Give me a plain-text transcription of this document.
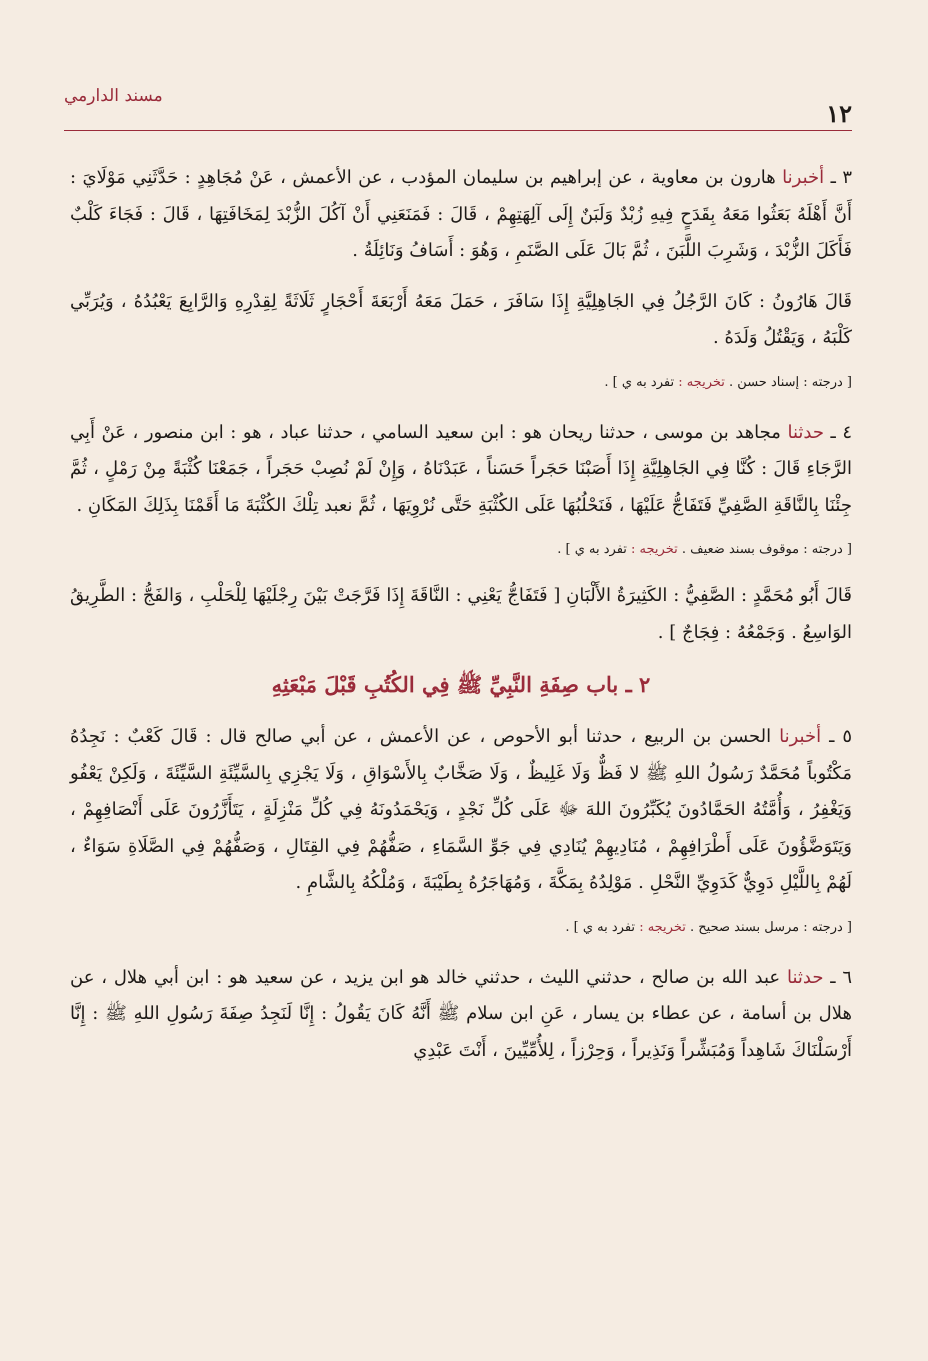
١٢
مسند الدارمي

٣ ـ أخبرنا هارون بن معاوية ، عن إبراهيم بن سليمان المؤدب ، عن الأعمش ، عَنْ مُجَاهِدٍ : حَدَّثَنِي مَوْلَايَ : أَنَّ أَهْلَهُ بَعَثُوا مَعَهُ بِقَدَحٍ فِيهِ زُبْدٌ وَلَبَنٌ إِلَى آلِهَتِهِمْ ، قَالَ : فَمَنَعَنِي أَنْ آكُلَ الزُّبْدَ لِمَخَافَتِهَا ، قَالَ : فَجَاءَ كَلْبٌ فَأَكَلَ الزُّبْدَ ، وَشَرِبَ اللَّبَنَ ، ثُمَّ بَالَ عَلَى الصَّنَمِ ، وَهُوَ : أَسَافُ وَنَائِلَةُ .

قَالَ هَارُونُ : كَانَ الرَّجُلُ فِي الجَاهِلِيَّةِ إِذَا سَافَرَ ، حَمَلَ مَعَهُ أَرْبَعَةَ أَحْجَارٍ ثَلَاثَةً لِقِدْرِهِ وَالرَّابِعَ يَعْبُدُهُ ، وَيُرَبِّي كَلْبَهُ ، وَيَقْتُلُ وَلَدَهُ .

[ درجته : إسناد حسن . تخريجه : تفرد به ي ] .

٤ ـ حدثنا مجاهد بن موسى ، حدثنا ريحان هو : ابن سعيد السامي ، حدثنا عباد ، هو : ابن منصور ، عَنْ أَبِي الرَّجَاءِ قَالَ : كُنَّا فِي الجَاهِلِيَّةِ إِذَا أَصَبْنَا حَجَراً حَسَناً ، عَبَدْنَاهُ ، وَإِنْ لَمْ نُصِبْ حَجَراً ، جَمَعْنَا كُثْبَةً مِنْ رَمْلٍ ، ثُمَّ جِئْنَا بِالنَّاقَةِ الصَّفِيِّ فَتَفَاجُّ عَلَيْهَا ، فَنَحْلُبُهَا عَلَى الكُثْبَةِ حَتَّى نُرْوِيَهَا ، ثُمَّ نعبد تِلْكَ الكُثْبَةَ مَا أَقَمْنَا بِذَلِكَ المَكَانِ .

[ درجته : موقوف بسند ضعيف . تخريجه : تفرد به ي ] .

قَالَ أَبُو مُحَمَّدٍ : الصَّفِيُّ : الكَثِيرَةُ الأَلْبَانِ [ فَتَفَاجُّ يَعْنِي : النَّاقَةَ إِذَا فَرَّجَتْ بَيْنَ رِجْلَيْهَا لِلْحَلْبِ ، وَالفَجُّ : الطَّرِيقُ الوَاسِعُ . وَجَمْعُهُ : فِجَاجٌ ] .

٢ ـ باب صِفَةِ النَّبِيِّ ﷺ فِي الكُتُبِ قَبْلَ مَبْعَثِهِ

٥ ـ أخبرنا الحسن بن الربيع ، حدثنا أبو الأحوص ، عن الأعمش ، عن أبي صالح قال : قَالَ كَعْبٌ : نَجِدُهُ مَكْتُوباً مُحَمَّدٌ رَسُولُ اللهِ ﷺ لا فَظٌّ وَلَا غَلِيظٌ ، وَلَا صَخَّابٌ بِالأَسْوَاقِ ، وَلَا يَجْزِي بِالسَّيِّئَةِ السَّيِّئَةَ ، وَلَكِنْ يَعْفُو وَيَغْفِرُ ، وَأُمَّتُهُ الحَمَّادُونَ يُكَبِّرُونَ اللهَ ﷻ عَلَى كُلِّ نَجْدٍ ، وَيَحْمَدُونَهُ فِي كُلِّ مَنْزِلَةٍ ، يَتَأَزَّرُونَ عَلَى أَنْصَافِهِمْ ، وَيَتَوَضَّؤُونَ عَلَى أَطْرَافِهِمْ ، مُنَادِيهِمْ يُنَادِي فِي جَوِّ السَّمَاءِ ، صَفُّهُمْ فِي القِتَالِ ، وَصَفُّهُمْ فِي الصَّلَاةِ سَوَاءٌ ، لَهُمْ بِاللَّيْلِ دَوِيٌّ كَدَوِيِّ النَّحْلِ . مَوْلِدُهُ بِمَكَّةَ ، وَمُهَاجَرُهُ بِطَيْبَةَ ، وَمُلْكُهُ بِالشَّامِ .

[ درجته : مرسل بسند صحيح . تخريجه : تفرد به ي ] .

٦ ـ حدثنا عبد الله بن صالح ، حدثني الليث ، حدثني خالد هو ابن يزيد ، عن سعيد هو : ابن أبي هلال ، عن هلال بن أسامة ، عن عطاء بن يسار ، عَنِ ابن سلام ﷺ أَنَّهُ كَانَ يَقُولُ : إِنَّا لَنَجِدُ صِفَةَ رَسُولِ اللهِ ﷺ : إِنَّا أَرْسَلْنَاكَ شَاهِداً وَمُبَشِّراً وَنَذِيراً ، وَحِرْزاً ، لِلأُمِّيِّينَ ، أَنْتَ عَبْدِي
